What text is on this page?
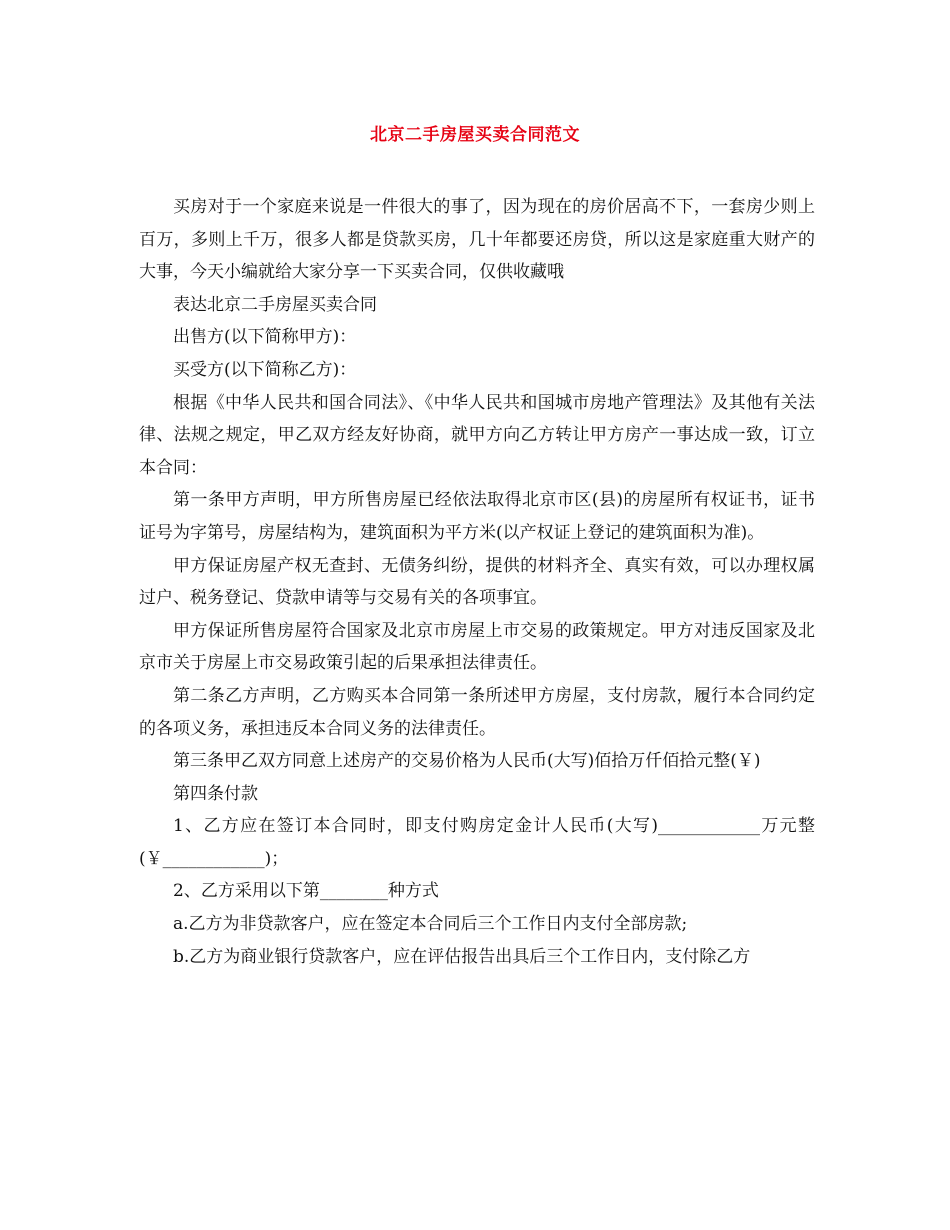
北京二手房屋买卖合同范文

买房对于一个家庭来说是一件很大的事了，因为现在的房价居高不下，一套房少则上百万，多则上千万，很多人都是贷款买房，几十年都要还房贷，所以这是家庭重大财产的大事，今天小编就给大家分享一下买卖合同，仅供收藏哦

表达北京二手房屋买卖合同

出售方(以下简称甲方)：

买受方(以下简称乙方)：

根据《中华人民共和国合同法》、《中华人民共和国城市房地产管理法》及其他有关法律、法规之规定，甲乙双方经友好协商，就甲方向乙方转让甲方房产一事达成一致，订立本合同：

第一条甲方声明，甲方所售房屋已经依法取得北京市区(县)的房屋所有权证书，证书证号为字第号，房屋结构为，建筑面积为平方米(以产权证上登记的建筑面积为准)。

甲方保证房屋产权无查封、无债务纠纷，提供的材料齐全、真实有效，可以办理权属过户、税务登记、贷款申请等与交易有关的各项事宜。

甲方保证所售房屋符合国家及北京市房屋上市交易的政策规定。甲方对违反国家及北京市关于房屋上市交易政策引起的后果承担法律责任。

第二条乙方声明，乙方购买本合同第一条所述甲方房屋，支付房款，履行本合同约定的各项义务，承担违反本合同义务的法律责任。

第三条甲乙双方同意上述房产的交易价格为人民币(大写)佰拾万仟佰拾元整(￥)

第四条付款

1、乙方应在签订本合同时，即支付购房定金计人民币(大写)____________万元整(￥____________)；

2、乙方采用以下第________种方式

a.乙方为非贷款客户，应在签定本合同后三个工作日内支付全部房款;

b.乙方为商业银行贷款客户，应在评估报告出具后三个工作日内，支付除乙方
